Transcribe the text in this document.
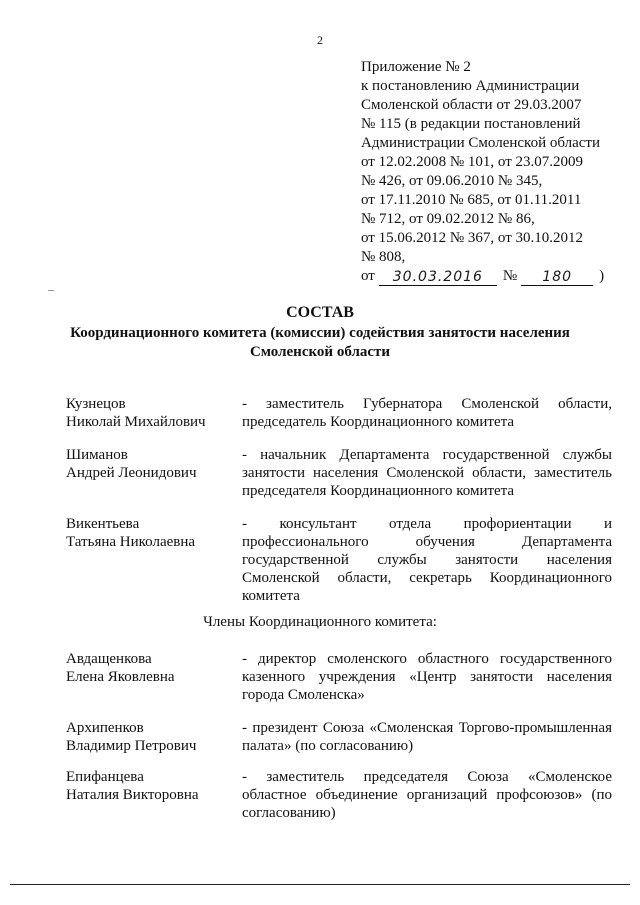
2
Приложение № 2
к постановлению Администрации
Смоленской области от 29.03.2007
№ 115 (в редакции постановлений
Администрации Смоленской области
от 12.02.2008 № 101, от 23.07.2009
№ 426, от 09.06.2010 № 345,
от 17.11.2010 № 685, от 01.11.2011
№ 712, от 09.02.2012 № 86,
от 15.06.2012 № 367, от 30.10.2012
№ 808,
от	30.03.2016	№	180	)
СОСТАВ
Координационного комитета (комиссии) содействия занятости населения
Смоленской области
Кузнецов
Николай Михайлович
- заместитель Губернатора Смоленской области, председатель Координационного комитета
Шиманов
Андрей Леонидович
- начальник Департамента государственной службы занятости населения Смоленской области, заместитель председателя Координационного комитета
Викентьева
Татьяна Николаевна
- консультант отдела профориентации и профессионального обучения Департамента государственной службы занятости населения Смоленской области, секретарь Координационного комитета
Члены Координационного комитета:
Авдащенкова
Елена Яковлевна
- директор смоленского областного государственного казенного учреждения «Центр занятости населения города Смоленска»
Архипенков
Владимир Петрович
- президент Союза «Смоленская Торгово-промышленная палата» (по согласованию)
Епифанцева
Наталия Викторовна
- заместитель председателя Союза «Смоленское областное объединение организаций профсоюзов» (по согласованию)
